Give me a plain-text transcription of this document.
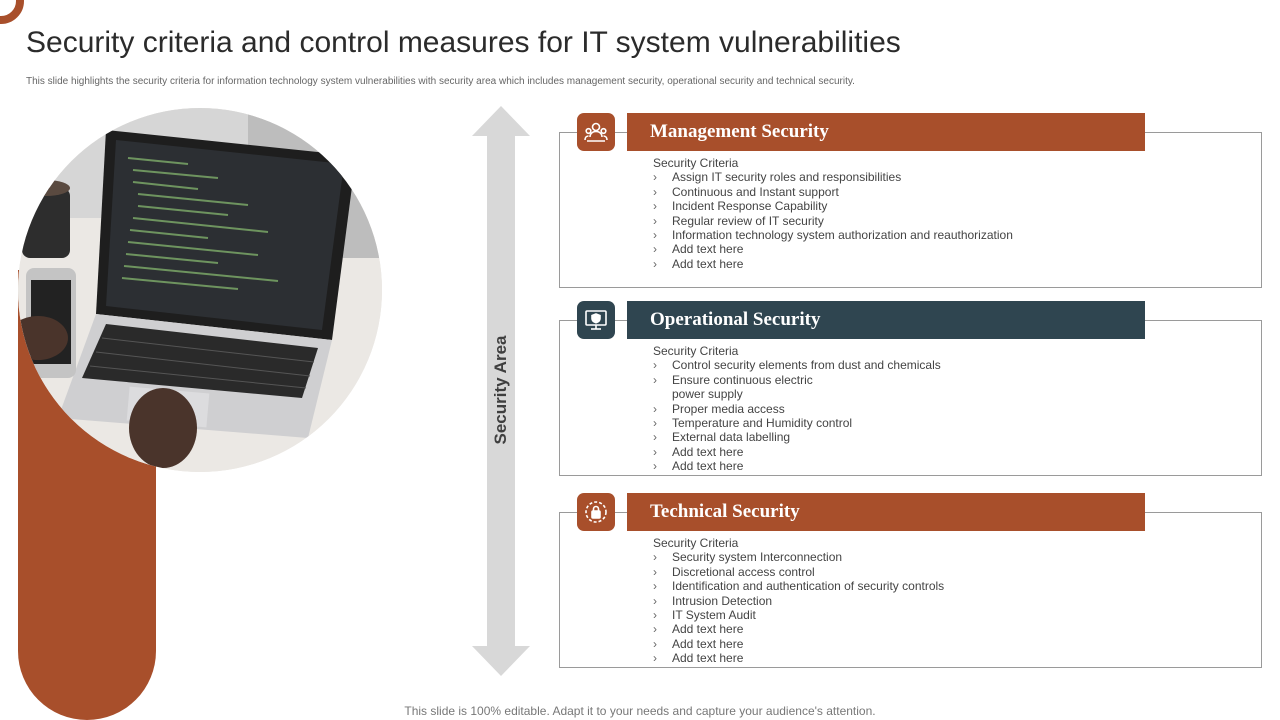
Security criteria and control measures for IT system vulnerabilities
This slide highlights the security criteria for information technology system vulnerabilities with security area which includes management security, operational security and technical security.
Security Area
Management Security
Security Criteria
› Assign IT security roles and responsibilities
› Continuous and Instant support
› Incident Response Capability
› Regular review of IT security
› Information technology system authorization and reauthorization
› Add text here
› Add text here
Operational Security
Security Criteria
› Control security elements from dust and chemicals
› Ensure continuous electric power supply
› Proper media access
› Temperature and Humidity control
› External data labelling
› Add text here
› Add text here
Technical Security
Security Criteria
› Security system Interconnection
› Discretional access control
› Identification and authentication of security controls
› Intrusion Detection
› IT System Audit
› Add text here
› Add text here
› Add text here
This slide is 100% editable. Adapt it to your needs and capture your audience's attention.
